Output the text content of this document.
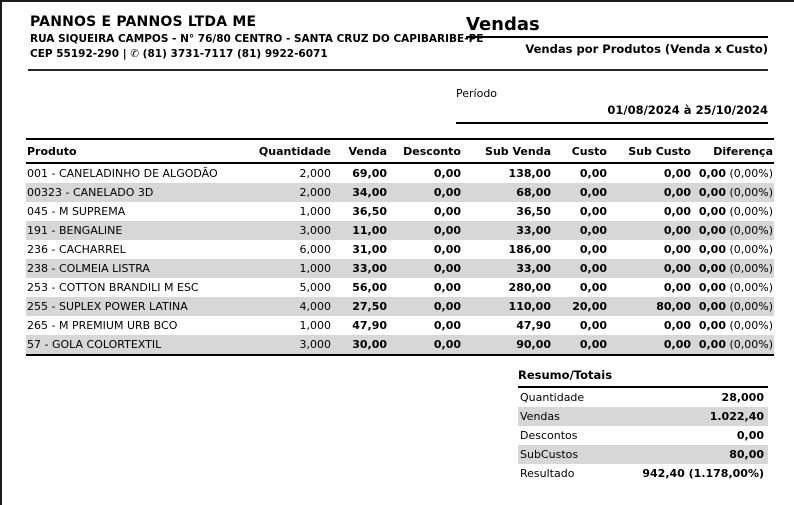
PANNOS E PANNOS LTDA ME
RUA SIQUEIRA CAMPOS - N° 76/80 CENTRO - SANTA CRUZ DO CAPIBARIBE-PE
CEP 55192-290 | ✆ (81) 3731-7117 (81) 9922-6071
Vendas
Vendas por Produtos (Venda x Custo)
Período
01/08/2024 à 25/10/2024
Produto	Quantidade	Venda	Desconto	Sub Venda	Custo	Sub Custo	Diferença
001 - CANELADINHO DE ALGODÃO	2,000	69,00	0,00	138,00	0,00	0,00	0,00 (0,00%)
00323 - CANELADO 3D	2,000	34,00	0,00	68,00	0,00	0,00	0,00 (0,00%)
045 - M SUPREMA	1,000	36,50	0,00	36,50	0,00	0,00	0,00 (0,00%)
191 - BENGALINE	3,000	11,00	0,00	33,00	0,00	0,00	0,00 (0,00%)
236 - CACHARREL	6,000	31,00	0,00	186,00	0,00	0,00	0,00 (0,00%)
238 - COLMEIA LISTRA	1,000	33,00	0,00	33,00	0,00	0,00	0,00 (0,00%)
253 - COTTON BRANDILI M ESC	5,000	56,00	0,00	280,00	0,00	0,00	0,00 (0,00%)
255 - SUPLEX POWER LATINA	4,000	27,50	0,00	110,00	20,00	80,00	0,00 (0,00%)
265 - M PREMIUM URB BCO	1,000	47,90	0,00	47,90	0,00	0,00	0,00 (0,00%)
57 - GOLA COLORTEXTIL	3,000	30,00	0,00	90,00	0,00	0,00	0,00 (0,00%)
Resumo/Totais
Quantidade	28,000
Vendas	1.022,40
Descontos	0,00
SubCustos	80,00
Resultado	942,40 (1.178,00%)
